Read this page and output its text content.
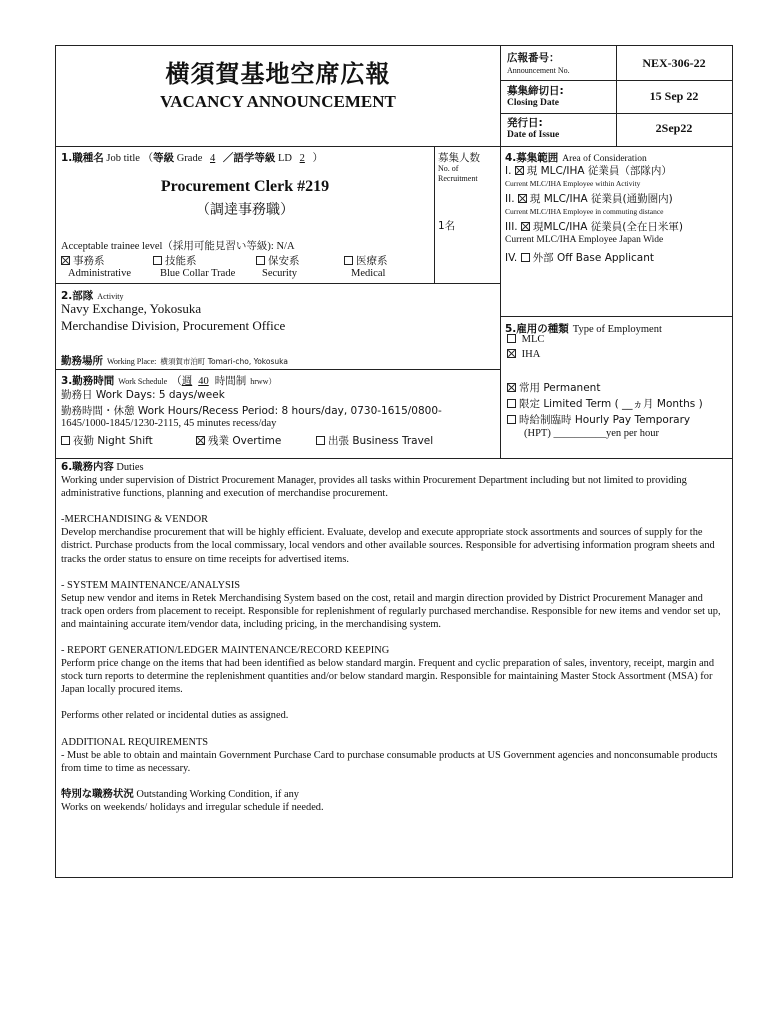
横須賀基地空席広報
VACANCY ANNOUNCEMENT
広報番号：
Announcement No.
NEX-306-22
募集締切日:
Closing Date	15 Sep 22
発行日:
Date of Issue	2Sep22
1.職種名 Job title （等級 Grade 4 ／語学等級 LD 2 ）
Procurement Clerk #219
（調達事務職）
募集人数
No. of
Recruitment
1名
Acceptable trainee level（採用可能見習い等級): N/A
事務系	技能系	保安系	医療系
Administrative	Blue Collar Trade	Security	Medical
2.部隊 Activity
Navy Exchange, Yokosuka
Merchandise Division, Procurement Office
勤務場所 Working Place: 横須賀市泊町 Tomari-cho, Yokosuka
3.勤務時間 Work Schedule （週 40 時間制 hrww）
勤務日 Work Days: 5 days/week
勤務時間・休憩 Work Hours/Recess Period: 8 hours/day, 0730-1615/0800-
1645/1000-1845/1230-2115, 45 minutes recess/day
夜勤 Night Shift	残業 Overtime	出張 Business Travel
4.募集範囲 Area of Consideration
I. 現 MLC/IHA 従業員（部隊内）
Current MLC/IHA Employee within Activity
II. 現 MLC/IHA 従業員(通勤圏内)
Current MLC/IHA Employee in commuting distance
III. 現MLC/IHA 従業員(全在日米軍)
Current MLC/IHA Employee Japan Wide
IV. 外部 Off Base Applicant
5.雇用の種類 Type of Employment
MLC
IHA
常用 Permanent
限定 Limited Term ( __ヵ月 Months )
時給制臨時 Hourly Pay Temporary
(HPT) __________yen per hour

6.職務内容 Duties

Working under supervision of District Procurement Manager, provides all tasks within Procurement Department including but not limited to providing administrative functions, planning and execution of merchandise procurement.

-MERCHANDISING & VENDOR

Develop merchandise procurement that will be highly efficient. Evaluate, develop and execute appropriate stock assortments and sources of supply for the district. Purchase products from the local commissary, local vendors and other available sources. Responsible for advertising information program sheets and tracks the order status to ensure on time receipts for advertised items.

- SYSTEM MAINTENANCE/ANALYSIS

Setup new vendor and items in Retek Merchandising System based on the cost, retail and margin direction provided by District Procurement Manager and track open orders from placement to receipt. Responsible for replenishment of regularly purchased merchandise. Responsible for new items and vendor set up, and maintaining accurate item/vendor data, including pricing, in the merchandising system.

- REPORT GENERATION/LEDGER MAINTENANCE/RECORD KEEPING

Perform price change on the items that had been identified as below standard margin. Frequent and cyclic preparation of sales, inventory, receipt, margin and stock turn reports to determine the replenishment quantities and/or below standard margin. Responsible for maintaining Master Stock Assortment (MSA) for Japan locally procured items.

Performs other related or incidental duties as assigned.

ADDITIONAL REQUIREMENTS

- Must be able to obtain and maintain Government Purchase Card to purchase consumable products at US Government agencies and nonconsumable products from time to time as necessary.

特別な職務状況 Outstanding Working Condition, if any

Works on weekends/ holidays and irregular schedule if needed.
